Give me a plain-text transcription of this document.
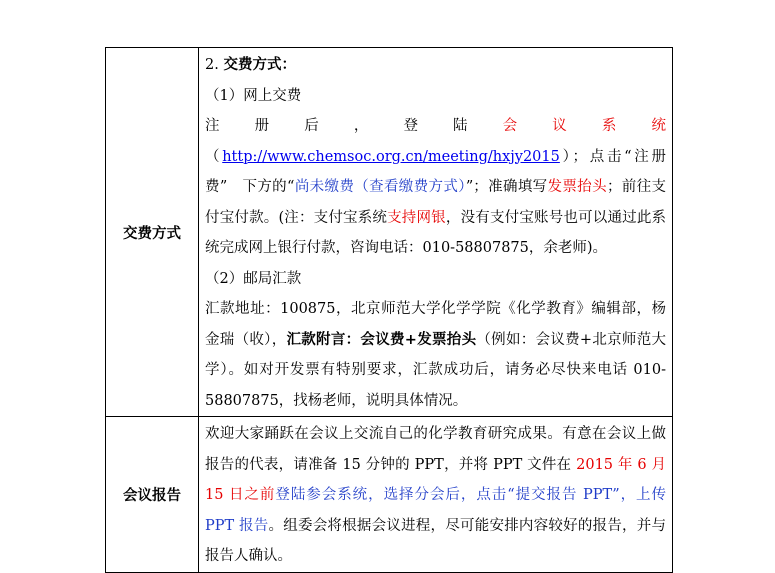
交费方式	2. 交费方式：

（1）网上交费

注册后，登陆会议系统（http://www.chemsoc.org.cn/meeting/hxjy2015）；点击“注册费”　下方的“尚未缴费（查看缴费方式）”；准确填写发票抬头；前往支付宝付款。(注：支付宝系统支持网银，没有支付宝账号也可以通过此系统完成网上银行付款，咨询电话：010-58807875，余老师)。

（2）邮局汇款

汇款地址：100875，北京师范大学化学学院《化学教育》编辑部，杨金瑞（收），汇款附言：会议费+发票抬头（例如：会议费+北京师范大学）。如对开发票有特别要求，汇款成功后，请务必尽快来电话 010-58807875，找杨老师，说明具体情况。

会议报告	欢迎大家踊跃在会议上交流自己的化学教育研究成果。有意在会议上做报告的代表，请准备 15 分钟的 PPT，并将 PPT 文件在 2015 年 6 月 15 日之前登陆参会系统，选择分会后，点击“提交报告 PPT”，上传 PPT 报告。组委会将根据会议进程，尽可能安排内容较好的报告，并与报告人确认。
